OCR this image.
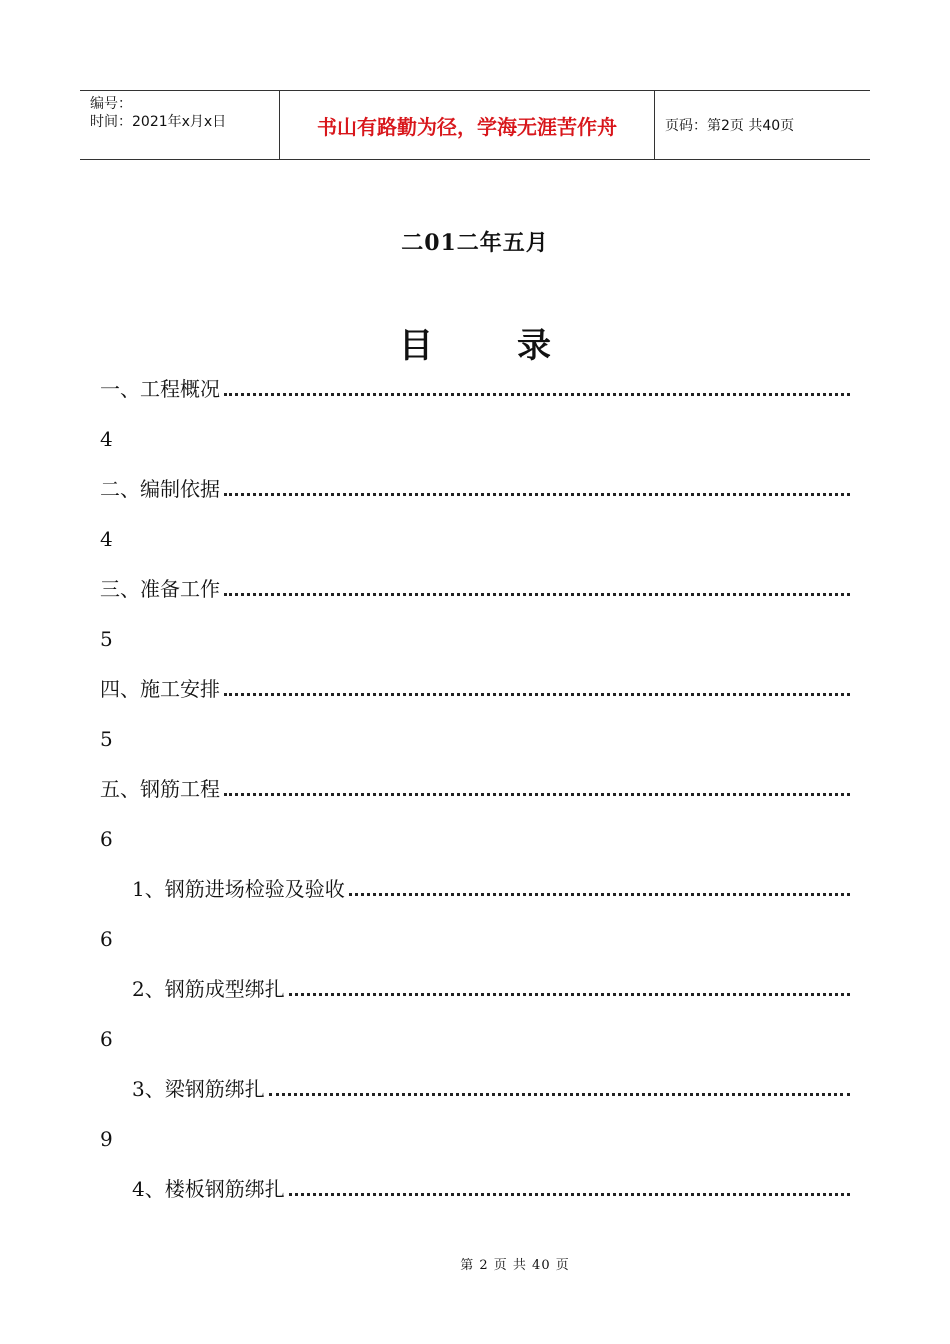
编号：
时间：2021年x月x日	书山有路勤为径，学海无涯苦作舟	页码：第2页 共40页
二01二年五月
目 录
一、工程概况
4
二、编制依据
4
三、准备工作
5
四、施工安排
5
五、钢筋工程
6
1、钢筋进场检验及验收
6
2、钢筋成型绑扎
6
3、梁钢筋绑扎
9
4、楼板钢筋绑扎
第 2 页 共 40 页
